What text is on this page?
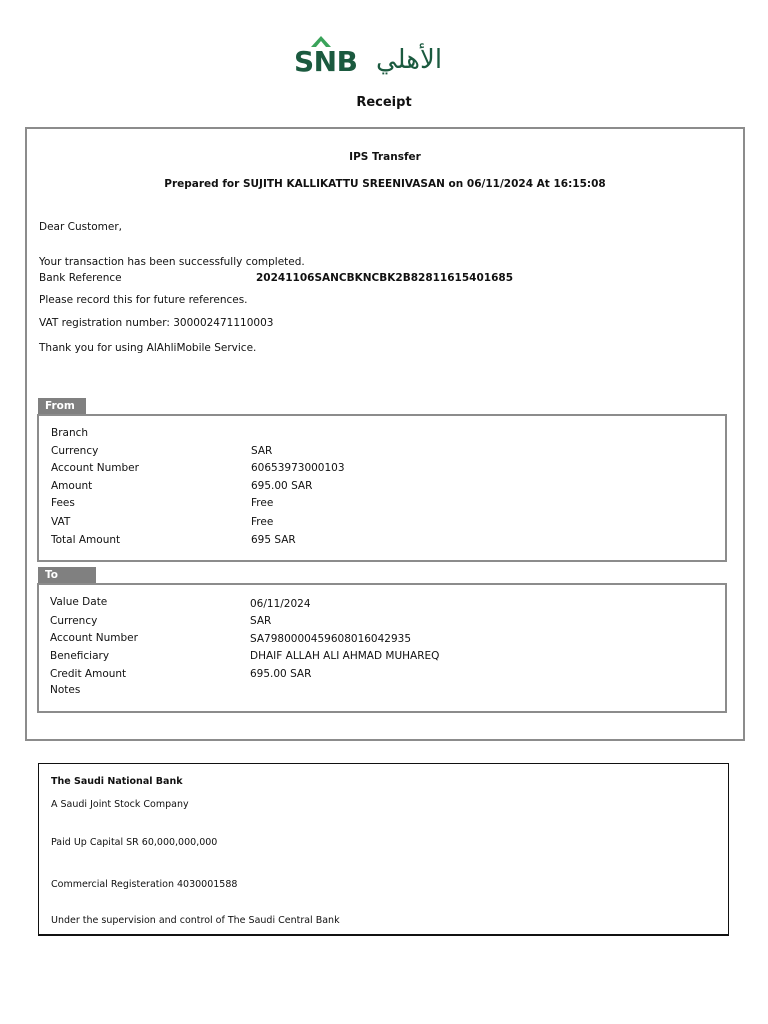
SNB الأهلي
Receipt
IPS Transfer
Prepared for SUJITH KALLIKATTU SREENIVASAN on 06/11/2024 At 16:15:08
Dear Customer,
Your transaction has been successfully completed.
Bank Reference	20241106SANCBKNCBK2B82811615401685
Please record this for future references.
VAT registration number: 300002471110003
Thank you for using AlAhliMobile Service.
From
Branch
Currency	SAR
Account Number	60653973000103
Amount	695.00 SAR
Fees	Free
VAT	Free
Total Amount	695 SAR
To
Value Date	06/11/2024
Currency	SAR
Account Number	SA7980000459608016042935
Beneficiary	DHAIF ALLAH ALI AHMAD MUHAREQ
Credit Amount	695.00 SAR
Notes
The Saudi National Bank
A Saudi Joint Stock Company
Paid Up Capital SR 60,000,000,000
Commercial Registeration 4030001588
Under the supervision and control of The Saudi Central Bank
